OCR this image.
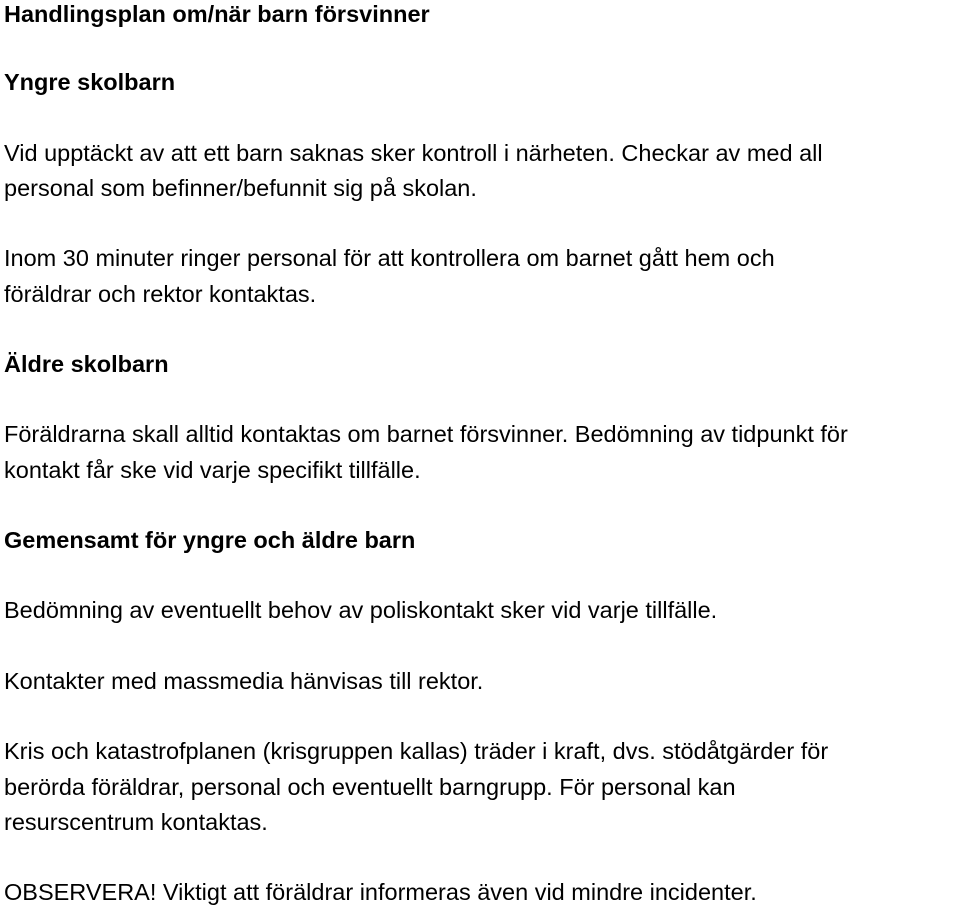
Handlingsplan om/när barn försvinner
Yngre skolbarn
Vid upptäckt av att ett barn saknas sker kontroll i närheten. Checkar av med all
personal som befinner/befunnit sig på skolan.
Inom 30 minuter ringer personal för att kontrollera om barnet gått hem och
föräldrar och rektor kontaktas.
Äldre skolbarn
Föräldrarna skall alltid kontaktas om barnet försvinner. Bedömning av tidpunkt för
kontakt får ske vid varje specifikt tillfälle.
Gemensamt för yngre och äldre barn
Bedömning av eventuellt behov av poliskontakt sker vid varje tillfälle.
Kontakter med massmedia hänvisas till rektor.
Kris och katastrofplanen (krisgruppen kallas) träder i kraft, dvs. stödåtgärder för
berörda föräldrar, personal och eventuellt barngrupp. För personal kan
resurscentrum kontaktas.
OBSERVERA! Viktigt att föräldrar informeras även vid mindre incidenter.
